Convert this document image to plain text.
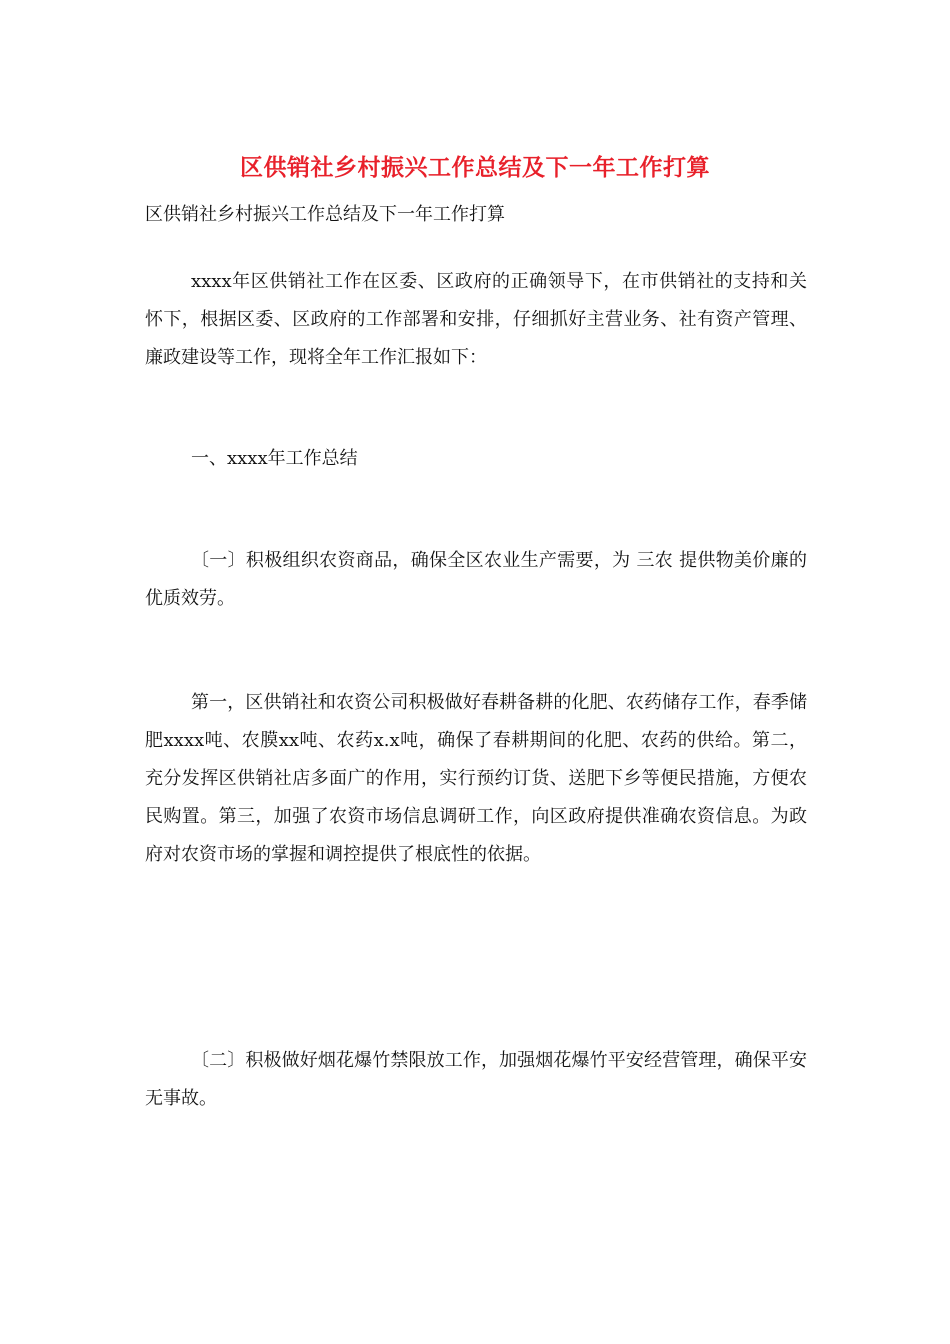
区供销社乡村振兴工作总结及下一年工作打算

区供销社乡村振兴工作总结及下一年工作打算

xxxx年区供销社工作在区委、区政府的正确领导下，在市供销社的支持和关怀下，根据区委、区政府的工作部署和安排，仔细抓好主营业务、社有资产管理、廉政建设等工作，现将全年工作汇报如下：

一、xxxx年工作总结

〔一〕积极组织农资商品，确保全区农业生产需要，为 三农 提供物美价廉的优质效劳。

第一，区供销社和农资公司积极做好春耕备耕的化肥、农药储存工作，春季储肥xxxx吨、农膜xx吨、农药x.x吨，确保了春耕期间的化肥、农药的供给。第二，充分发挥区供销社店多面广的作用，实行预约订货、送肥下乡等便民措施，方便农民购置。第三，加强了农资市场信息调研工作，向区政府提供准确农资信息。为政府对农资市场的掌握和调控提供了根底性的依据。

〔二〕积极做好烟花爆竹禁限放工作，加强烟花爆竹平安经营管理，确保平安无事故。
